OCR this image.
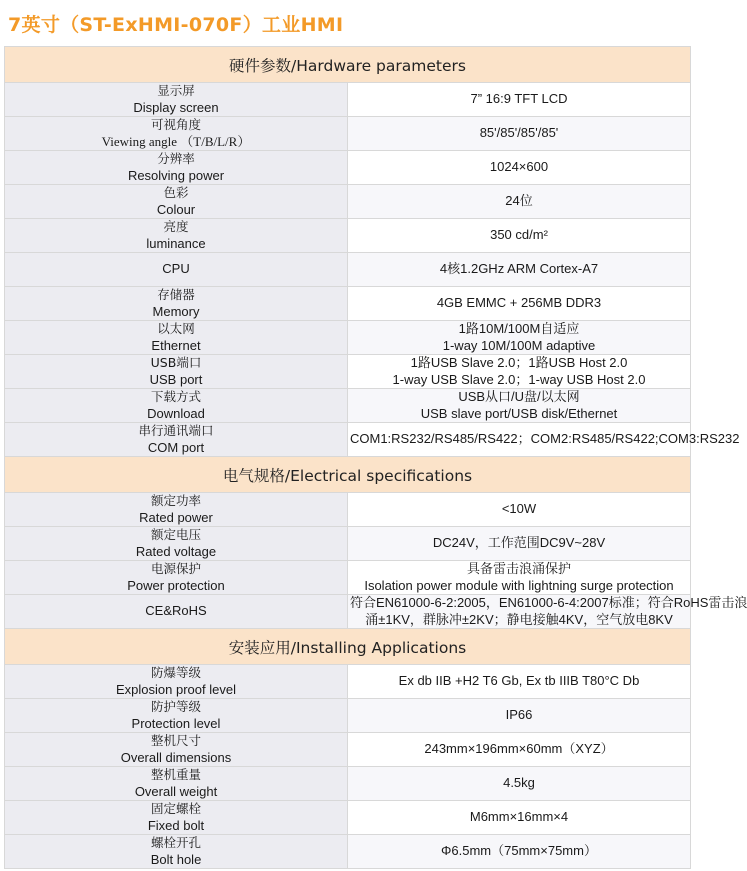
7英寸（ST-ExHMI-070F）工业HMI
硬件参数/Hardware parameters	

显示屏
Display screen	7” 16:9 TFT LCD

可视角度
Viewing angle （T/B/L/R）	85'/85'/85'/85'

分辨率
Resolving power	1024×600

色彩
Colour	24位

亮度
luminance	350 cd/m²

CPU	4核1.2GHz ARM Cortex-A7

存储器
Memory	4GB EMMC + 256MB DDR3

以太网
Ethernet	1路10M/100M自适应
1-way 10M/100M adaptive

USB端口
USB port	1路USB Slave 2.0；1路USB Host 2.0
1-way USB Slave 2.0；1-way USB Host 2.0

下载方式
Download	USB从口/U盘/以太网
USB slave port/USB disk/Ethernet

串行通讯端口
COM port	COM1:RS232/RS485/RS422；COM2:RS485/RS422;COM3:RS232

电气规格/Electrical specifications	

额定功率
Rated power	<10W

额定电压
Rated voltage	DC24V，工作范围DC9V~28V

电源保护
Power protection	具备雷击浪涌保护
Isolation power module with lightning surge protection

CE&RoHS	符合EN61000-6-2:2005，EN61000-6-4:2007标准；符合RoHS雷击浪
涌±1KV，群脉冲±2KV；静电接触4KV，空气放电8KV

安装应用/Installing Applications	

防爆等级
Explosion proof level	Ex db IIB +H2 T6 Gb, Ex tb IIIB T80°C Db

防护等级
Protection level	IP66

整机尺寸
Overall dimensions	243mm×196mm×60mm（XYZ）

整机重量
Overall weight	4.5kg

固定螺栓
Fixed bolt	M6mm×16mm×4

螺栓开孔
Bolt hole	Φ6.5mm（75mm×75mm）
